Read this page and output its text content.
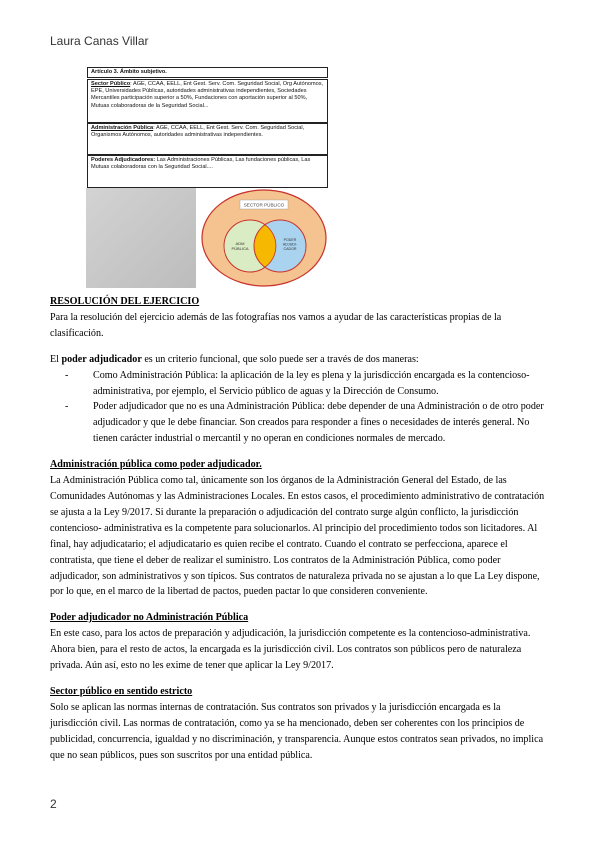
Laura Canas Villar
Artículo 3. Ámbito subjetivo.
Sector Público: AGE, CCAA, EELL, Ent Gest. Serv. Com. Seguridad Social, Org Autónomos, EPE, Universidades Públicas, autoridades administrativas independientes, Sociedades Mercantiles participación superior a 50%, Fundaciones con aportación superior al 50%, Mutuas colaboradoras de la Seguridad Social...
Administración Pública: AGE, CCAA, EELL, Ent Gest. Serv. Com. Seguridad Social, Organismos Autónomos, autoridades administrativas independientes.
Poderes Adjudicadores: Las Administraciones Públicas, Las fundaciones públicas, Las Mutuas colaboradoras con la Seguridad Social....
SECTOR PÚBLICO
ADM
PÚBLICA
PODER
ADJUDI-
CADOR

RESOLUCIÓN DEL EJERCICIO

Para la resolución del ejercicio además de las fotografías nos vamos a ayudar de las características propias de la clasificación.

El poder adjudicador es un criterio funcional, que solo puede ser a través de dos maneras:

- Como Administración Pública: la aplicación de la ley es plena y la jurisdicción encargada es la contencioso-administrativa, por ejemplo, el Servicio público de aguas y la Dirección de Consumo.
- Poder adjudicador que no es una Administración Pública: debe depender de una Administración o de otro poder adjudicador y que le debe financiar. Son creados para responder a fines o necesidades de interés general. No tienen carácter industrial o mercantil y no operan en condiciones normales de mercado.

Administración pública como poder adjudicador.

La Administración Pública como tal, únicamente son los órganos de la Administración General del Estado, de las Comunidades Autónomas y las Administraciones Locales. En estos casos, el procedimiento administrativo de contratación se ajusta a la Ley 9/2017. Si durante la preparación o adjudicación del contrato surge algún conflicto, la jurisdicción contencioso- administrativa es la competente para solucionarlos. Al principio del procedimiento todos son licitadores. Al final, hay adjudicatario; el adjudicatario es quien recibe el contrato. Cuando el contrato se perfecciona, aparece el contratista, que tiene el deber de realizar el suministro. Los contratos de la Administración Pública, como poder adjudicador, son administrativos y son típicos. Sus contratos de naturaleza privada no se ajustan a lo que La Ley dispone, por lo que, en el marco de la libertad de pactos, pueden pactar lo que consideren conveniente.

Poder adjudicador no Administración Pública

En este caso, para los actos de preparación y adjudicación, la jurisdicción competente es la contencioso-administrativa. Ahora bien, para el resto de actos, la encargada es la jurisdicción civil. Los contratos son públicos pero de naturaleza privada. Aún así, esto no les exime de tener que aplicar la Ley 9/2017.

Sector público en sentido estricto

Solo se aplican las normas internas de contratación. Sus contratos son privados y la jurisdicción encargada es la jurisdicción civil. Las normas de contratación, como ya se ha mencionado, deben ser coherentes con los principios de publicidad, concurrencia, igualdad y no discriminación, y transparencia. Aunque estos contratos sean privados, no implica que no sean públicos, pues son suscritos por una entidad pública.

2
